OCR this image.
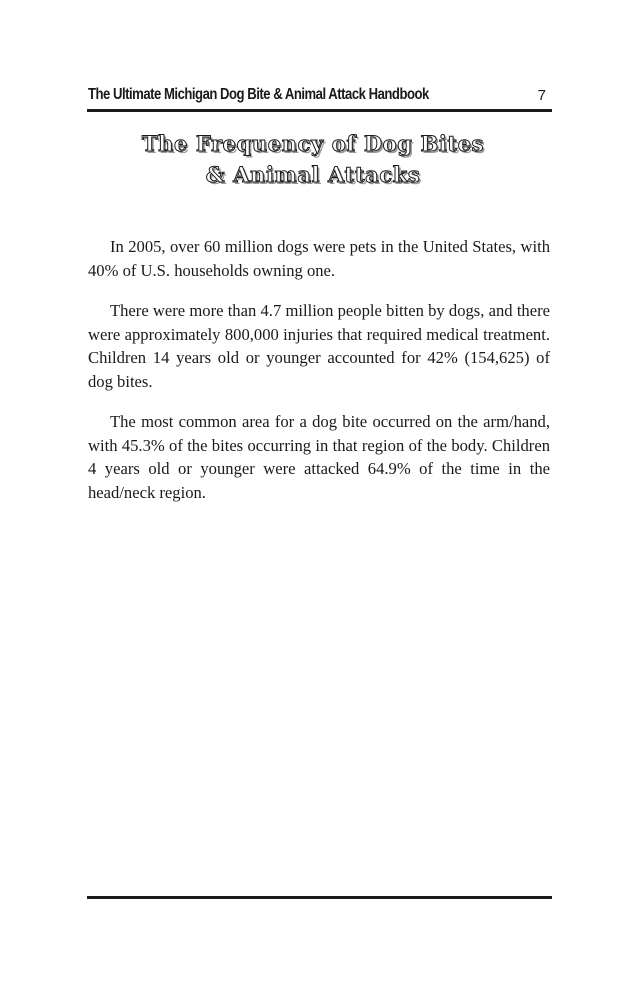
The Ultimate Michigan Dog Bite & Animal Attack Handbook	7
The Frequency of Dog Bites
& Animal Attacks

In 2005, over 60 million dogs were pets in the United States, with 40% of U.S. households owning one.

There were more than 4.7 million people bitten by dogs, and there were approximately 800,000 injuries that required medical treatment. Children 14 years old or younger accounted for 42% (154,625) of dog bites.

The most common area for a dog bite occurred on the arm/hand, with 45.3% of the bites occurring in that region of the body. Children 4 years old or younger were attacked 64.9% of the time in the head/neck region.
